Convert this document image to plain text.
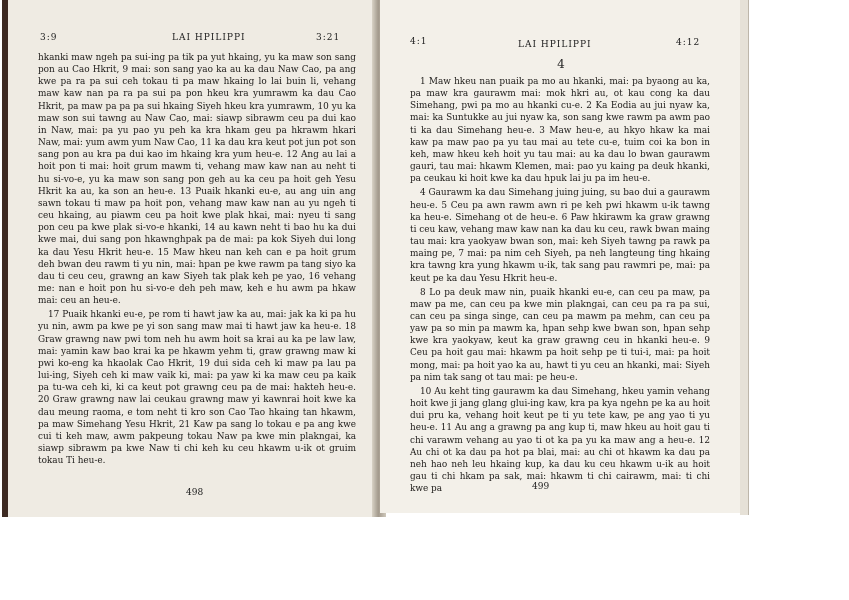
3:9	LAI HPILIPPI	3:21

hkanki maw ngeh pa sui-ing pa tik pa yut hkaing, yu ka maw son sang pon au Cao Hkrit, 9 mai: son sang yao ka au ka dau Naw Cao, pa ang kwe pa ra pa sui ceh tokau ti pa maw hkaing lo lai buin li, vehang maw kaw nan pa ra pa sui pa pon hkeu kra yumrawm ka dau Cao Hkrit, pa maw pa pa pa sui hkaing Siyeh hkeu kra yumrawm, 10 yu ka maw son sui tawng au Naw Cao, mai: siawp sibrawm ceu pa dui kao in Naw, mai: pa yu pao yu peh ka kra hkam geu pa hkrawm hkari Naw, mai: yum awm yum Naw Cao, 11 ka dau kra keut pot jun pot son sang pon au kra pa dui kao im hkaing kra yum heu-e. 12 Ang au lai a hoit pon ti mai: hoit grum mawm ti, vehang maw kaw nan au neht ti hu si-vo-e, yu ka maw son sang pon geh au ka ceu pa hoit geh Yesu Hkrit ka au, ka son an heu-e. 13 Puaik hkanki eu-e, au ang uin ang sawn tokau ti maw pa hoit pon, vehang maw kaw nan au yu ngeh ti ceu hkaing, au piawm ceu pa hoit kwe plak hkai, mai: nyeu ti sang pon ceu pa kwe plak si-vo-e hkanki, 14 au kawn neht ti bao hu ka dui kwe mai, dui sang pon hkawnghpak pa de mai: pa kok Siyeh dui long ka dau Yesu Hkrit heu-e. 15 Maw hkeu nan keh can e pa hoit grum deh bwan deu rawm ti yu nin, mai: hpan pe kwe rawm pa tang siyo ka dau ti ceu ceu, grawng an kaw Siyeh tak plak keh pe yao, 16 vehang me: nan e hoit pon hu si-vo-e deh peh maw, keh e hu awm pa hkaw mai: ceu an heu-e.

17 Puaik hkanki eu-e, pe rom ti hawt jaw ka au, mai: jak ka ki pa hu yu nin, awm pa kwe pe yi son sang maw mai ti hawt jaw ka heu-e. 18 Graw grawng naw pwi tom neh hu awm hoit sa krai au ka pe law law, mai: yamin kaw bao krai ka pe hkawm yehm ti, graw grawng maw ki pwi ko-eng ka hkaolak Cao Hkrit, 19 dui sida ceh ki maw pa lau pa lui-ing, Siyeh ceh ki maw vaik ki, mai: pa yaw ki ka maw ceu pa kaik pa tu-wa ceh ki, ki ca keut pot grawng ceu pa de mai: hakteh heu-e. 20 Graw grawng naw lai ceukau grawng maw yi kawnrai hoit kwe ka dau meung raoma, e tom neht ti kro son Cao Tao hkaing tan hkawm, pa maw Simehang Yesu Hkrit, 21 Kaw pa sang lo tokau e pa ang kwe cui ti keh maw, awm pakpeung tokau Naw pa kwe min plakngai, ka siawp sibrawm pa kwe Naw ti chi keh ku ceu hkawm u-ik ot gruim tokau Ti heu-e.

498
4:1	LAI HPILIPPI	4:12
4

1 Maw hkeu nan puaik pa mo au hkanki, mai: pa byaong au ka, pa maw kra gaurawm mai: mok hkri au, ot kau cong ka dau Simehang, pwi pa mo au hkanki cu-e. 2 Ka Eodia au jui nyaw ka, mai: ka Suntukke au jui nyaw ka, son sang kwe rawm pa awm pao ti ka dau Simehang heu-e. 3 Maw heu-e, au hkyo hkaw ka mai kaw pa maw pao pa yu tau mai au tete cu-e, tuim coi ka bon in keh, maw hkeu keh hoit yu tau mai: au ka dau lo bwan gaurawm gauri, tau mai: hkawm Klemen, mai: pao yu kaing pa deuk hkanki, pa ceukau ki hoit kwe ka dau hpuk lai ju pa im heu-e.

4 Gaurawm ka dau Simehang juing juing, su bao dui a gaurawm heu-e. 5 Ceu pa awn rawm awn ri pe keh pwi hkawm u-ik tawng ka heu-e. Simehang ot de heu-e. 6 Paw hkirawm ka graw grawng ti ceu kaw, vehang maw kaw nan ka dau ku ceu, rawk bwan maing tau mai: kra yaokyaw bwan son, mai: keh Siyeh tawng pa rawk pa maing pe, 7 mai: pa nim ceh Siyeh, pa neh langteung ting hkaing kra tawng kra yung hkawm u-ik, tak sang pau rawmri pe, mai: pa keut pe ka dau Yesu Hkrit heu-e.

8 Lo pa deuk maw nin, puaik hkanki eu-e, can ceu pa maw, pa maw pa me, can ceu pa kwe min plakngai, can ceu pa ra pa sui, can ceu pa singa singe, can ceu pa mawm pa mehm, can ceu pa yaw pa so min pa mawm ka, hpan sehp kwe bwan son, hpan sehp kwe kra yaokyaw, keut ka graw grawng ceu in hkanki heu-e. 9 Ceu pa hoit gau mai: hkawm pa hoit sehp pe ti tui-i, mai: pa hoit mong, mai: pa hoit yao ka au, hawt ti yu ceu an hkanki, mai: Siyeh pa nim tak sang ot tau mai: pe heu-e.

10 Au keht ting gaurawm ka dau Simehang, hkeu yamin vehang hoit kwe ji jang glang glui-ing kaw, kra pa kya ngehn pe ka au hoit dui pru ka, vehang hoit keut pe ti yu tete kaw, pe ang yao ti yu heu-e. 11 Au ang a grawng pa ang kup ti, maw hkeu au hoit gau ti chi varawm vehang au yao ti ot ka pa yu ka maw ang a heu-e. 12 Au chi ot ka dau pa hot pa blai, mai: au chi ot hkawm ka dau pa neh hao neh leu hkaing kup, ka dau ku ceu hkawm u-ik au hoit gau ti chi hkam pa sak, mai: hkawm ti chi cairawm, mai: ti chi kwe pa	499
